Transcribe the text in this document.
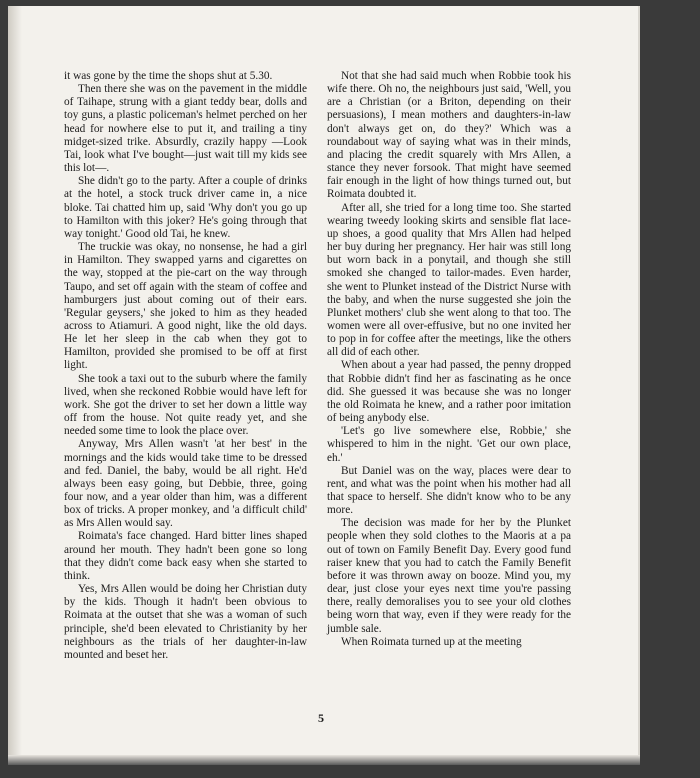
it was gone by the time the shops shut at 5.30.

Then there she was on the pavement in the middle of Taihape, strung with a giant teddy bear, dolls and toy guns, a plastic policeman's helmet perched on her head for nowhere else to put it, and trailing a tiny midget-sized trike. Absurdly, crazily happy —Look Tai, look what I've bought—just wait till my kids see this lot—.

She didn't go to the party. After a couple of drinks at the hotel, a stock truck driver came in, a nice bloke. Tai chatted him up, said 'Why don't you go up to Hamilton with this joker? He's going through that way tonight.' Good old Tai, he knew.

The truckie was okay, no nonsense, he had a girl in Hamilton. They swapped yarns and cigarettes on the way, stopped at the pie-cart on the way through Taupo, and set off again with the steam of coffee and hamburgers just about coming out of their ears. 'Regular geysers,' she joked to him as they headed across to Atiamuri. A good night, like the old days. He let her sleep in the cab when they got to Hamilton, provided she promised to be off at first light.

She took a taxi out to the suburb where the family lived, when she reckoned Robbie would have left for work. She got the driver to set her down a little way off from the house. Not quite ready yet, and she needed some time to look the place over.

Anyway, Mrs Allen wasn't 'at her best' in the mornings and the kids would take time to be dressed and fed. Daniel, the baby, would be all right. He'd always been easy going, but Debbie, three, going four now, and a year older than him, was a different box of tricks. A proper monkey, and 'a difficult child' as Mrs Allen would say.

Roimata's face changed. Hard bitter lines shaped around her mouth. They hadn't been gone so long that they didn't come back easy when she started to think.

Yes, Mrs Allen would be doing her Christian duty by the kids. Though it hadn't been obvious to Roimata at the outset that she was a woman of such principle, she'd been elevated to Christianity by her neighbours as the trials of her daughter-in-law mounted and beset her.

Not that she had said much when Robbie took his wife there. Oh no, the neighbours just said, 'Well, you are a Christian (or a Briton, depending on their persuasions), I mean mothers and daughters-in-law don't always get on, do they?' Which was a roundabout way of saying what was in their minds, and placing the credit squarely with Mrs Allen, a stance they never forsook. That might have seemed fair enough in the light of how things turned out, but Roimata doubted it.

After all, she tried for a long time too. She started wearing tweedy looking skirts and sensible flat lace-up shoes, a good quality that Mrs Allen had helped her buy during her pregnancy. Her hair was still long but worn back in a ponytail, and though she still smoked she changed to tailor-mades. Even harder, she went to Plunket instead of the District Nurse with the baby, and when the nurse suggested she join the Plunket mothers' club she went along to that too. The women were all over-effusive, but no one invited her to pop in for coffee after the meetings, like the others all did of each other.

When about a year had passed, the penny dropped that Robbie didn't find her as fascinating as he once did. She guessed it was because she was no longer the old Roimata he knew, and a rather poor imitation of being anybody else.

'Let's go live somewhere else, Robbie,' she whispered to him in the night. 'Get our own place, eh.'

But Daniel was on the way, places were dear to rent, and what was the point when his mother had all that space to herself. She didn't know who to be any more.

The decision was made for her by the Plunket people when they sold clothes to the Maoris at a pa out of town on Family Benefit Day. Every good fund raiser knew that you had to catch the Family Benefit before it was thrown away on booze. Mind you, my dear, just close your eyes next time you're passing there, really demoralises you to see your old clothes being worn that way, even if they were ready for the jumble sale.

When Roimata turned up at the meeting

5
